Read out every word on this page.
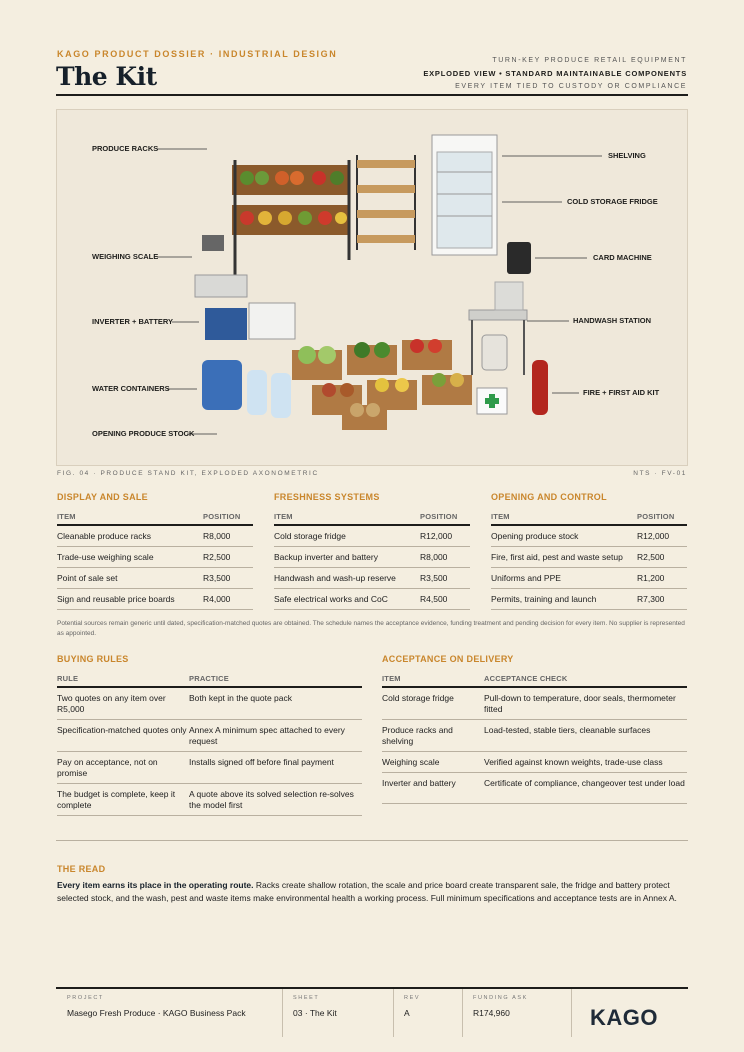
KAGO PRODUCT DOSSIER · INDUSTRIAL DESIGN
The Kit
TURN-KEY PRODUCE RETAIL EQUIPMENT
EXPLODED VIEW • STANDARD MAINTAINABLE COMPONENTS
EVERY ITEM TIED TO CUSTODY OR COMPLIANCE
PRODUCE RACKS
WEIGHING SCALE
INVERTER + BATTERY
WATER CONTAINERS
OPENING PRODUCE STOCK
SHELVING
COLD STORAGE FRIDGE
CARD MACHINE
HANDWASH STATION
FIRE + FIRST AID KIT
FIG. 04 · PRODUCE STAND KIT, EXPLODED AXONOMETRIC	NTS · FV-01
DISPLAY AND SALE
ITEM	POSITION
Cleanable produce racks	R8,000
Trade-use weighing scale	R2,500
Point of sale set	R3,500
Sign and reusable price boards	R4,000
FRESHNESS SYSTEMS
ITEM	POSITION
Cold storage fridge	R12,000
Backup inverter and battery	R8,000
Handwash and wash-up reserve	R3,500
Safe electrical works and CoC	R4,500
OPENING AND CONTROL
ITEM	POSITION
Opening produce stock	R12,000
Fire, first aid, pest and waste setup	R2,500
Uniforms and PPE	R1,200
Permits, training and launch	R7,300
Potential sources remain generic until dated, specification-matched quotes are obtained. The schedule names the acceptance evidence, funding treatment and pending decision for every item. No supplier is represented as appointed.
BUYING RULES
RULE	PRACTICE
Two quotes on any item over R5,000	Both kept in the quote pack
Specification-matched quotes only	Annex A minimum spec attached to every request
Pay on acceptance, not on promise	Installs signed off before final payment
The budget is complete, keep it complete	A quote above its solved selection re-solves the model first
ACCEPTANCE ON DELIVERY
ITEM	ACCEPTANCE CHECK
Cold storage fridge	Pull-down to temperature, door seals, thermometer fitted
Produce racks and shelving	Load-tested, stable tiers, cleanable surfaces
Weighing scale	Verified against known weights, trade-use class
Inverter and battery	Certificate of compliance, changeover test under load
THE READ
Every item earns its place in the operating route. Racks create shallow rotation, the scale and price board create transparent sale, the fridge and battery protect selected stock, and the wash, pest and waste items make environmental health a working process. Full minimum specifications and acceptance tests are in Annex A.
PROJECT
Masego Fresh Produce · KAGO Business Pack
SHEET
03 · The Kit
REV
A
FUNDING ASK
R174,960	KAGO
